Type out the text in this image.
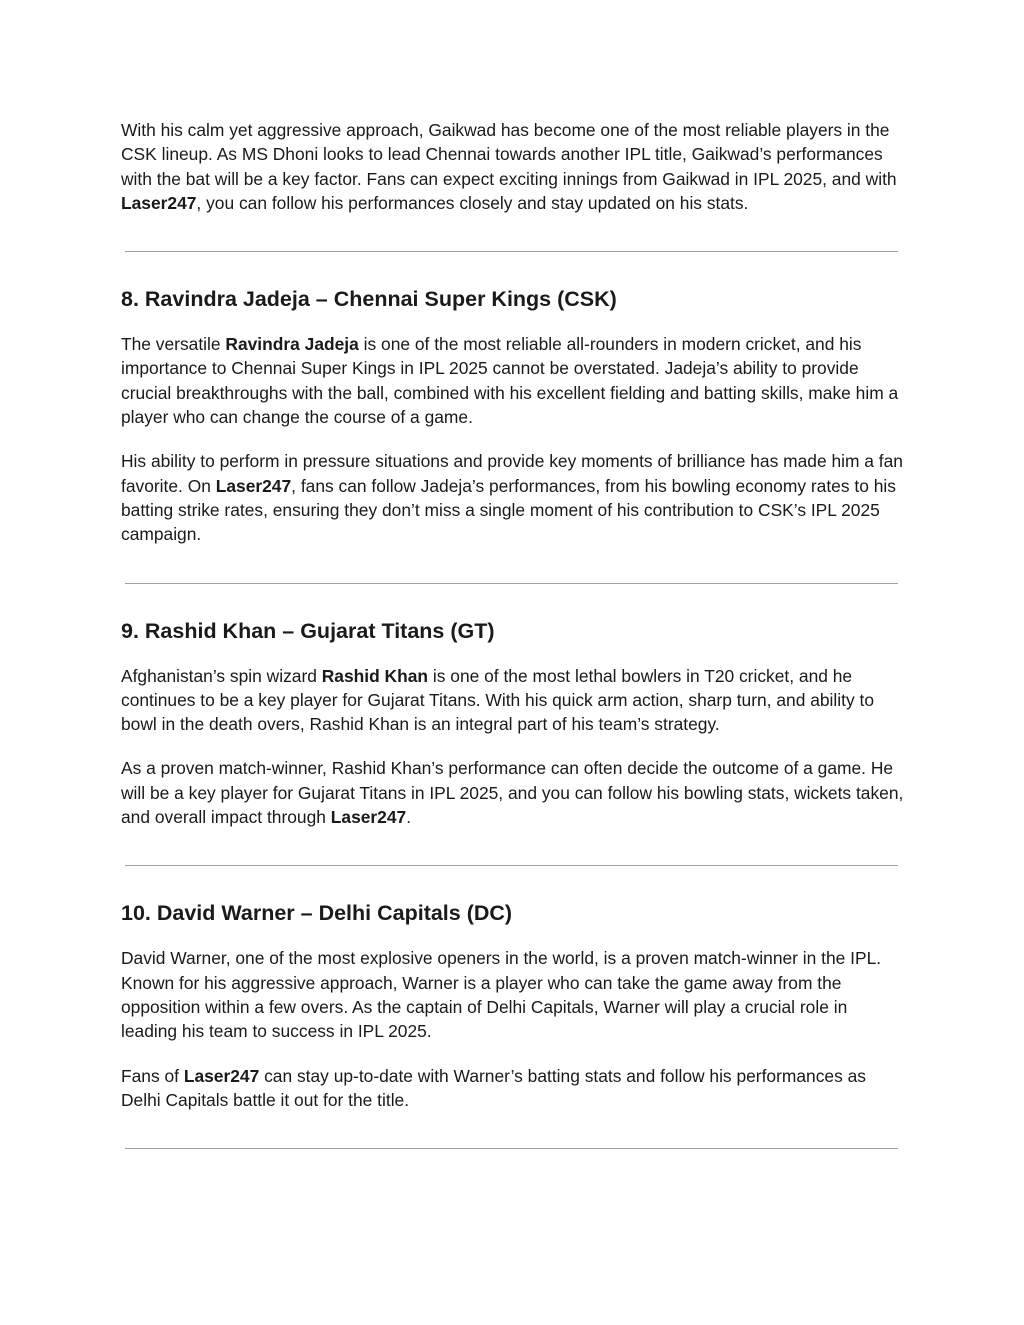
With his calm yet aggressive approach, Gaikwad has become one of the most reliable players in the CSK lineup. As MS Dhoni looks to lead Chennai towards another IPL title, Gaikwad’s performances with the bat will be a key factor. Fans can expect exciting innings from Gaikwad in IPL 2025, and with Laser247, you can follow his performances closely and stay updated on his stats.

8. Ravindra Jadeja – Chennai Super Kings (CSK)

The versatile Ravindra Jadeja is one of the most reliable all-rounders in modern cricket, and his importance to Chennai Super Kings in IPL 2025 cannot be overstated. Jadeja’s ability to provide crucial breakthroughs with the ball, combined with his excellent fielding and batting skills, make him a player who can change the course of a game.

His ability to perform in pressure situations and provide key moments of brilliance has made him a fan favorite. On Laser247, fans can follow Jadeja’s performances, from his bowling economy rates to his batting strike rates, ensuring they don’t miss a single moment of his contribution to CSK’s IPL 2025 campaign.

9. Rashid Khan – Gujarat Titans (GT)

Afghanistan’s spin wizard Rashid Khan is one of the most lethal bowlers in T20 cricket, and he continues to be a key player for Gujarat Titans. With his quick arm action, sharp turn, and ability to bowl in the death overs, Rashid Khan is an integral part of his team’s strategy.

As a proven match-winner, Rashid Khan’s performance can often decide the outcome of a game. He will be a key player for Gujarat Titans in IPL 2025, and you can follow his bowling stats, wickets taken, and overall impact through Laser247.

10. David Warner – Delhi Capitals (DC)

David Warner, one of the most explosive openers in the world, is a proven match-winner in the IPL. Known for his aggressive approach, Warner is a player who can take the game away from the opposition within a few overs. As the captain of Delhi Capitals, Warner will play a crucial role in leading his team to success in IPL 2025.

Fans of Laser247 can stay up-to-date with Warner’s batting stats and follow his performances as Delhi Capitals battle it out for the title.
